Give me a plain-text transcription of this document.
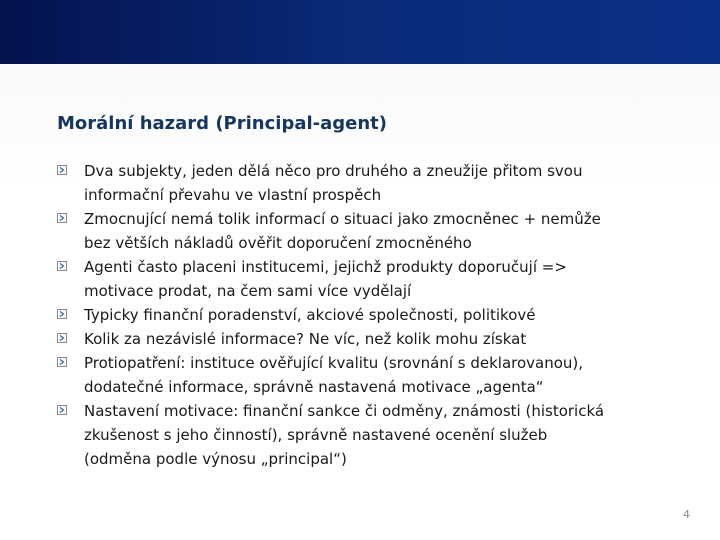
Morální hazard (Principal-agent)
Dva subjekty, jeden dělá něco pro druhého a zneužije přitom svou
informační převahu ve vlastní prospěch
Zmocnující nemá tolik informací o situaci jako zmocněnec + nemůže
bez větších nákladů ověřit doporučení zmocněného
Agenti často placeni institucemi, jejichž produkty doporučují =>
motivace prodat, na čem sami více vydělají
Typicky finanční poradenství, akciové společnosti, politikové
Kolik za nezávislé informace? Ne víc, než kolik mohu získat
Protiopatření: instituce ověřující kvalitu (srovnání s deklarovanou),
dodatečné informace, správně nastavená motivace „agenta“
Nastavení motivace: finanční sankce či odměny, známosti (historická
zkušenost s jeho činností), správně nastavené ocenění služeb
(odměna podle výnosu „principal“)
4
